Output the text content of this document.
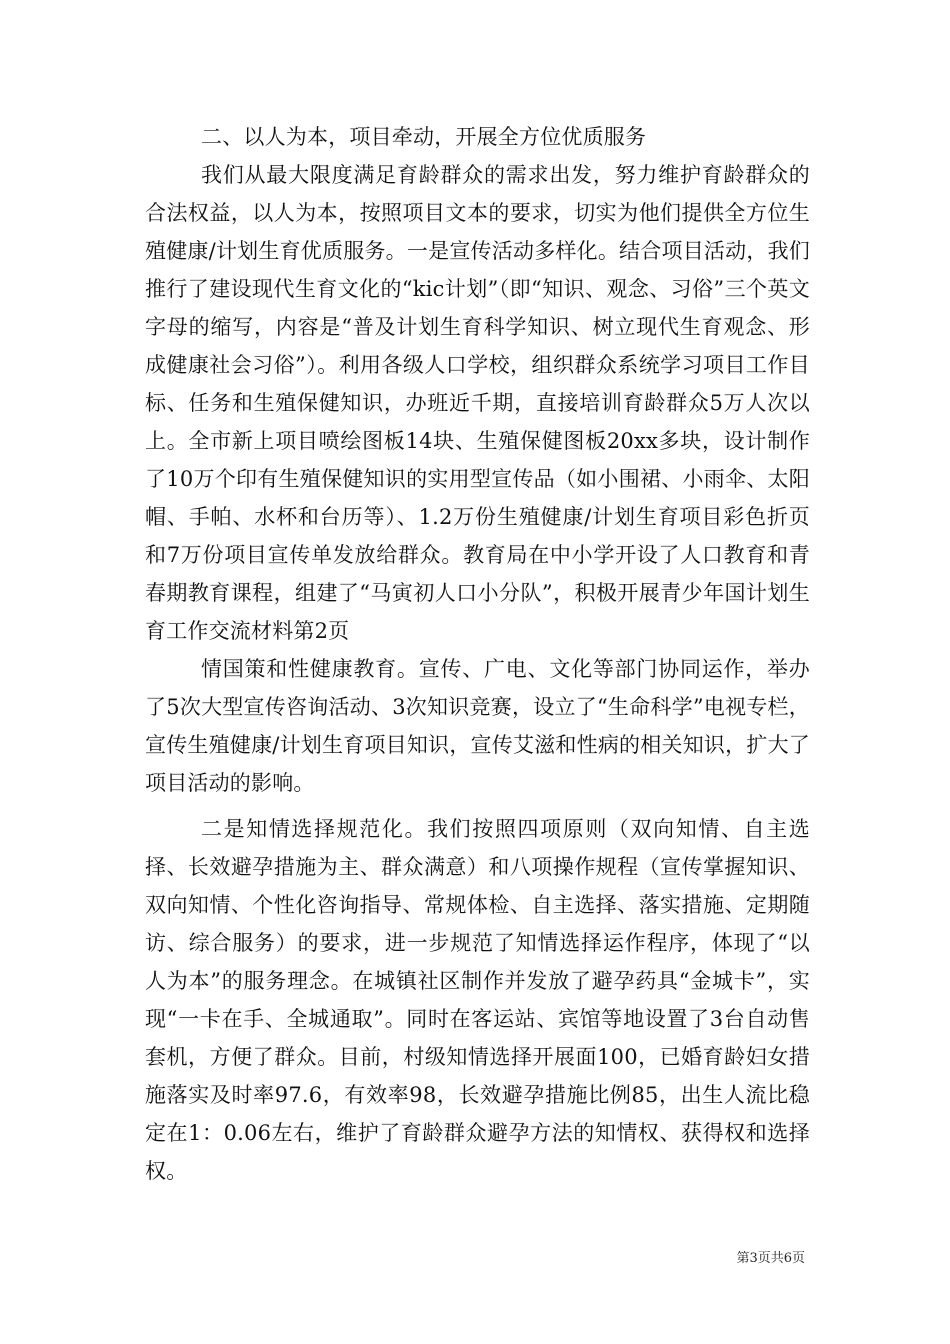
二、以人为本，项目牵动，开展全方位优质服务

我们从最大限度满足育龄群众的需求出发，努力维护育龄群众的合法权益，以人为本，按照项目文本的要求，切实为他们提供全方位生殖健康/计划生育优质服务。一是宣传活动多样化。结合项目活动，我们推行了建设现代生育文化的“kic计划”（即“知识、观念、习俗”三个英文字母的缩写，内容是“普及计划生育科学知识、树立现代生育观念、形成健康社会习俗”）。利用各级人口学校，组织群众系统学习项目工作目标、任务和生殖保健知识，办班近千期，直接培训育龄群众5万人次以上。全市新上项目喷绘图板14块、生殖保健图板20xx多块，设计制作了10万个印有生殖保健知识的实用型宣传品（如小围裙、小雨伞、太阳帽、手帕、水杯和台历等）、1.2万份生殖健康/计划生育项目彩色折页和7万份项目宣传单发放给群众。教育局在中小学开设了人口教育和青春期教育课程，组建了“马寅初人口小分队”，积极开展青少年国计划生育工作交流材料第2页

情国策和性健康教育。宣传、广电、文化等部门协同运作，举办了5次大型宣传咨询活动、3次知识竞赛，设立了“生命科学”电视专栏，宣传生殖健康/计划生育项目知识，宣传艾滋和性病的相关知识，扩大了项目活动的影响。

二是知情选择规范化。我们按照四项原则（双向知情、自主选择、长效避孕措施为主、群众满意）和八项操作规程（宣传掌握知识、双向知情、个性化咨询指导、常规体检、自主选择、落实措施、定期随访、综合服务）的要求，进一步规范了知情选择运作程序，体现了“以人为本”的服务理念。在城镇社区制作并发放了避孕药具“金城卡”，实现“一卡在手、全城通取”。同时在客运站、宾馆等地设置了3台自动售套机，方便了群众。目前，村级知情选择开展面100，已婚育龄妇女措施落实及时率97.6，有效率98，长效避孕措施比例85，出生人流比稳定在1：0.06左右，维护了育龄群众避孕方法的知情权、获得权和选择权。

第3页共6页
